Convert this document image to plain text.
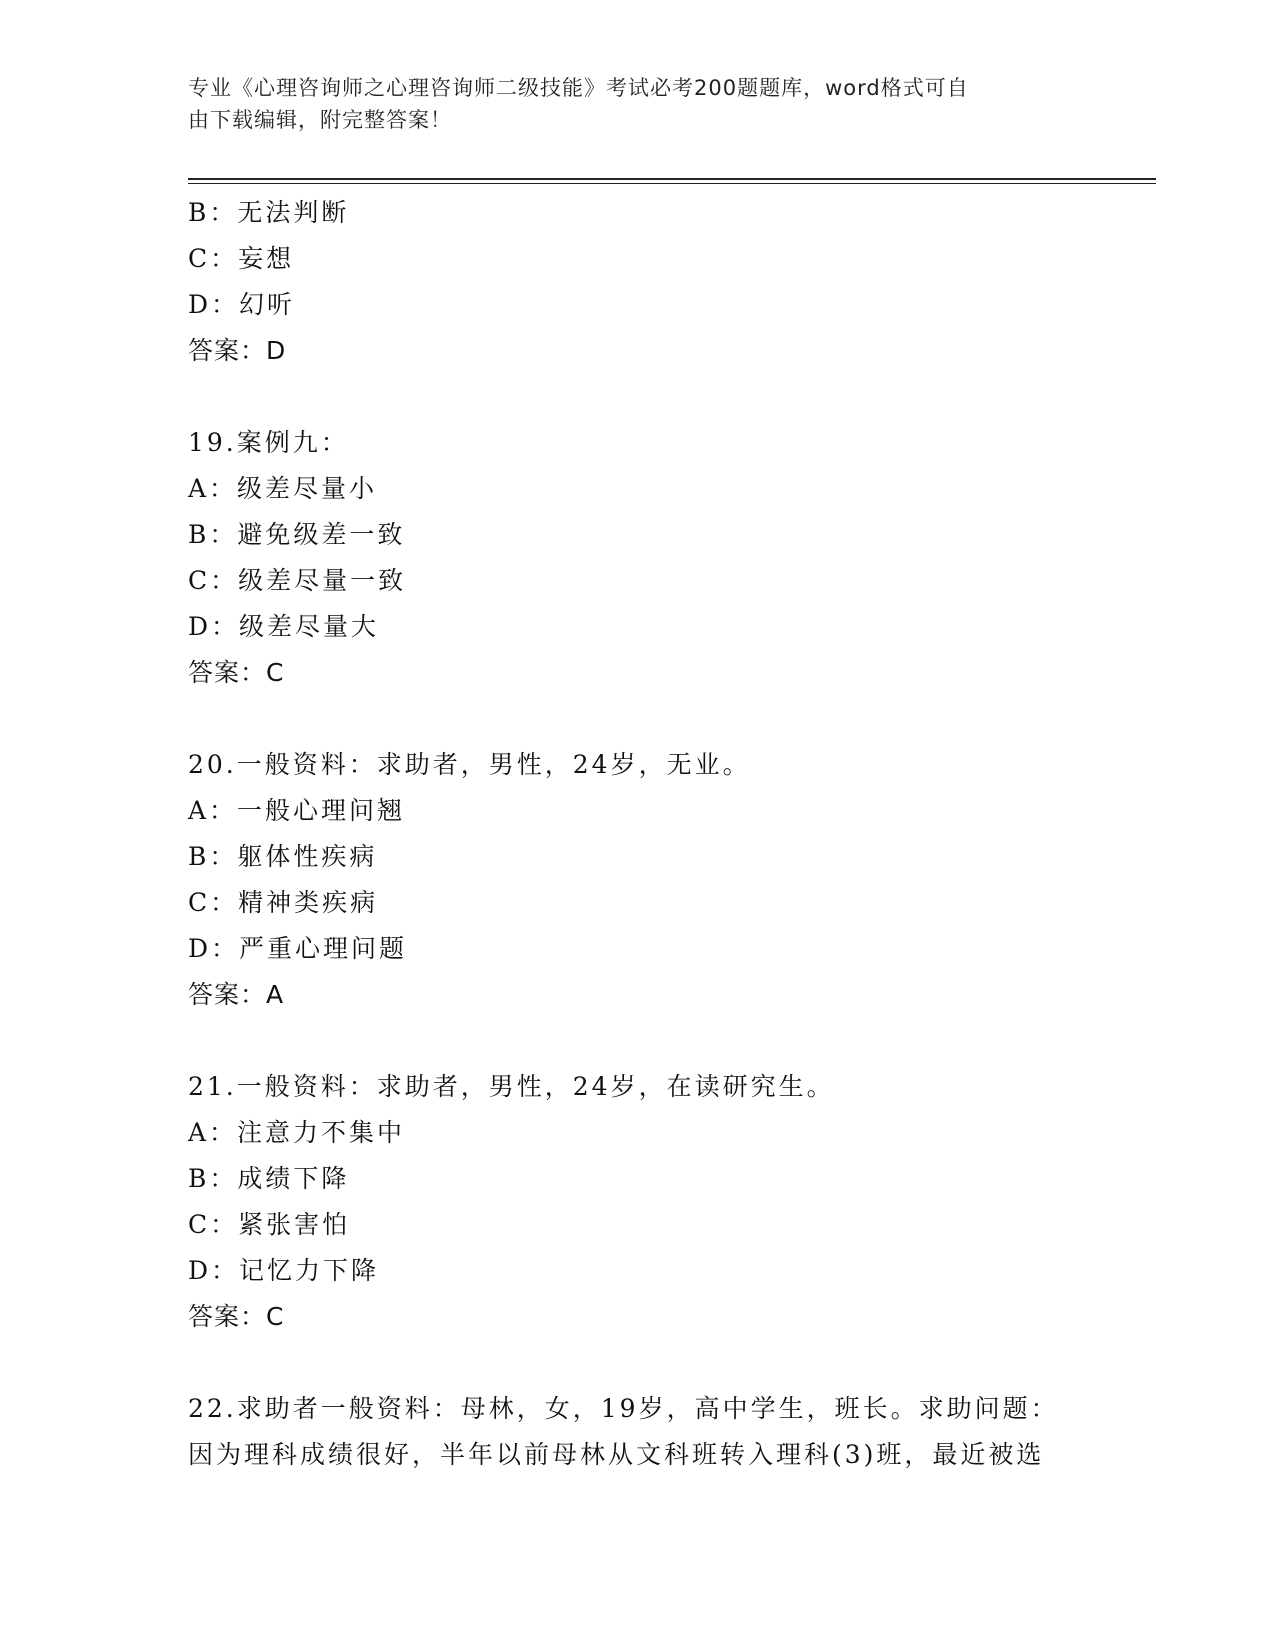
专业《心理咨询师之心理咨询师二级技能》考试必考200题题库，word格式可自
由下载编辑，附完整答案！
B：无法判断
C：妄想
D：幻听
答案：D
19.案例九：
A：级差尽量小
B：避免级差一致
C：级差尽量一致
D：级差尽量大
答案：C
20.一般资料：求助者，男性，24岁，无业。
A：一般心理问翘
B：躯体性疾病
C：精神类疾病
D：严重心理问题
答案：A
21.一般资料：求助者，男性，24岁，在读研究生。
A：注意力不集中
B：成绩下降
C：紧张害怕
D：记忆力下降
答案：C
22.求助者一般资料：母林，女，19岁，高中学生，班长。求助问题：
因为理科成绩很好，半年以前母林从文科班转入理科(3)班，最近被选
